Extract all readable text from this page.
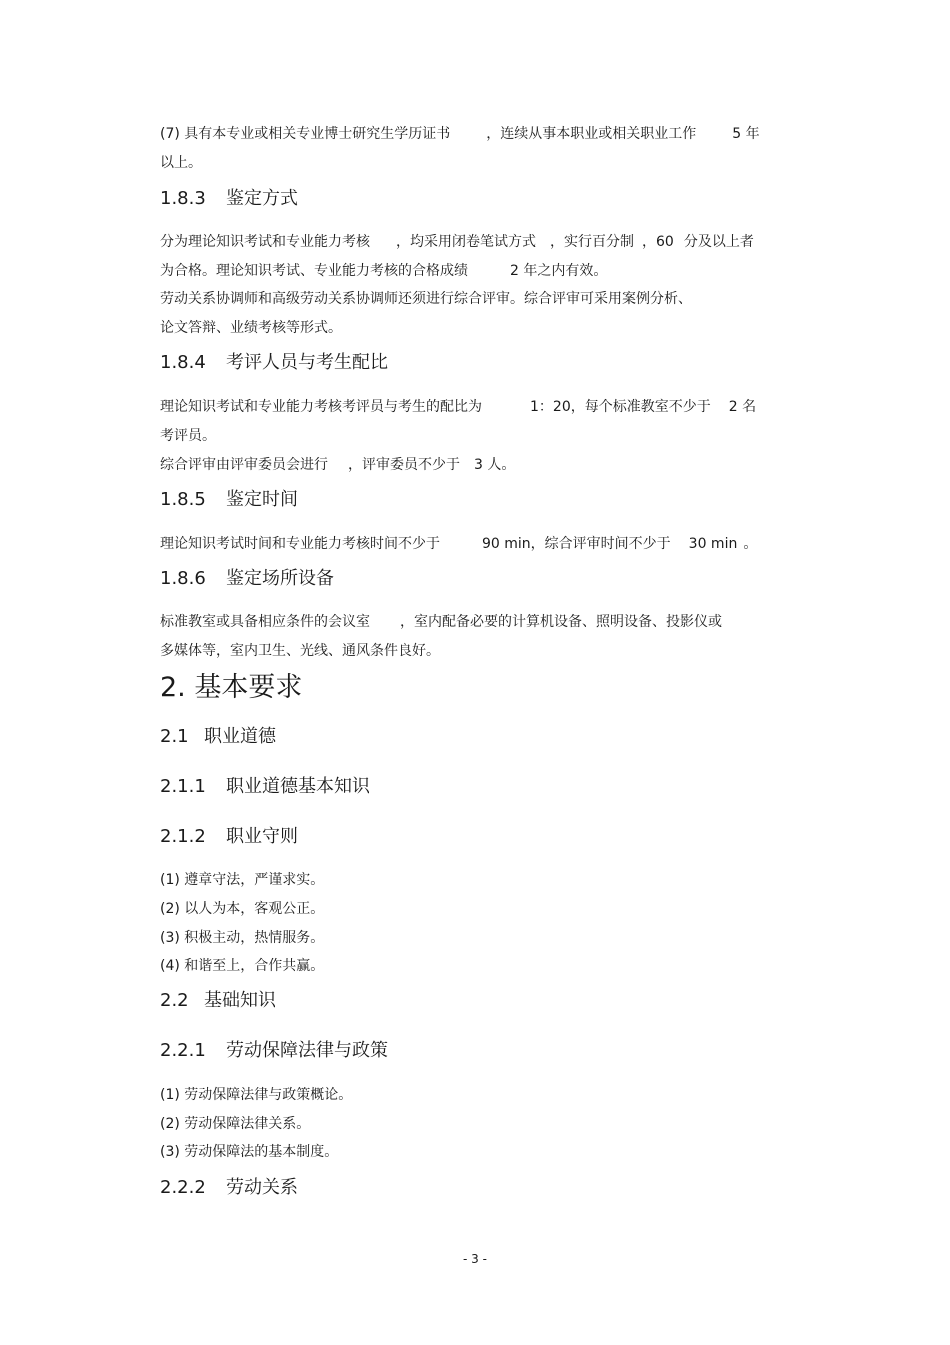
(7) 具有本专业或相关专业博士研究生学历证书	，连续从事本职业或相关职业工作	5 年
以上。
1.8.3 鉴定方式
分为理论知识考试和专业能力考核 ，均采用闭卷笔试方式 ，实行百分制 ，60 分及以上者
为合格。理论知识考试、专业能力考核的合格成绩	2 年之内有效。
劳动关系协调师和高级劳动关系协调师还须进行综合评审。综合评审可采用案例分析、
论文答辩、业绩考核等形式。
1.8.4 考评人员与考生配比
理论知识考试和专业能力考核考评员与考生的配比为	1：20，每个标准教室不少于 2 名
考评员。
综合评审由评审委员会进行 ，评审委员不少于 3 人。
1.8.5 鉴定时间
理论知识考试时间和专业能力考核时间不少于	90 min，综合评审时间不少于 30 min 。
1.8.6 鉴定场所设备
标准教室或具备相应条件的会议室 ，室内配备必要的计算机设备、照明设备、投影仪或
多媒体等，室内卫生、光线、通风条件良好。
2. 基本要求
2.1 职业道德
2.1.1 职业道德基本知识
2.1.2 职业守则
(1) 遵章守法，严谨求实。
(2) 以人为本，客观公正。
(3) 积极主动，热情服务。
(4) 和谐至上，合作共赢。
2.2 基础知识
2.2.1 劳动保障法律与政策
(1) 劳动保障法律与政策概论。
(2) 劳动保障法律关系。
(3) 劳动保障法的基本制度。
2.2.2 劳动关系
- 3 -
